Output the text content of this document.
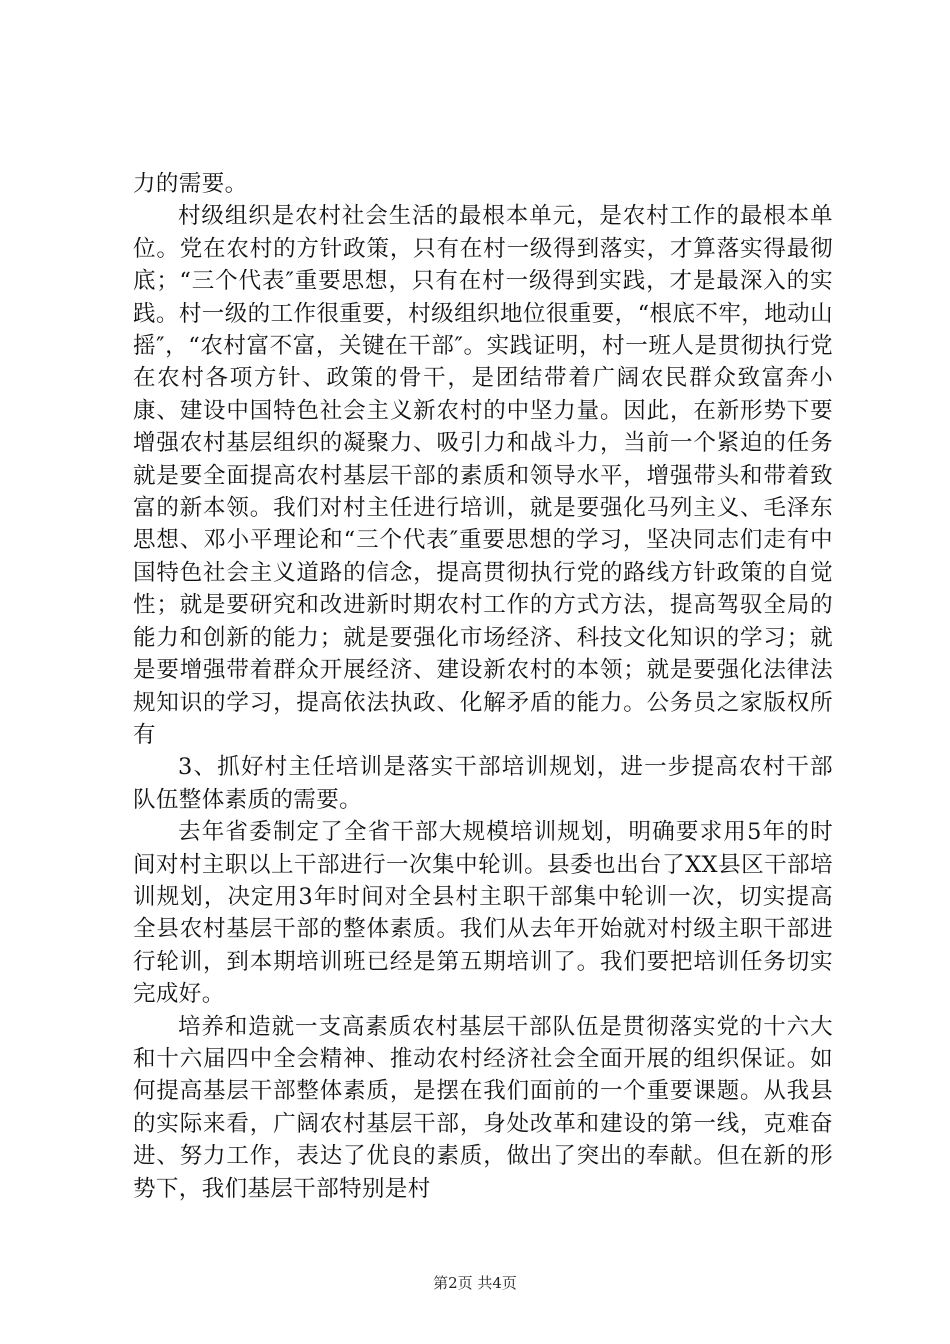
力的需要。

村级组织是农村社会生活的最根本单元，是农村工作的最根本单位。党在农村的方针政策，只有在村一级得到落实，才算落实得最彻底；“三个代表″重要思想，只有在村一级得到实践，才是最深入的实践。村一级的工作很重要，村级组织地位很重要，“根底不牢，地动山摇″，“农村富不富，关键在干部″。实践证明，村一班人是贯彻执行党在农村各项方针、政策的骨干，是团结带着广阔农民群众致富奔小康、建设中国特色社会主义新农村的中坚力量。因此，在新形势下要增强农村基层组织的凝聚力、吸引力和战斗力，当前一个紧迫的任务就是要全面提高农村基层干部的素质和领导水平，增强带头和带着致富的新本领。我们对村主任进行培训，就是要强化马列主义、毛泽东思想、邓小平理论和“三个代表″重要思想的学习，坚决同志们走有中国特色社会主义道路的信念，提高贯彻执行党的路线方针政策的自觉性；就是要研究和改进新时期农村工作的方式方法，提高驾驭全局的能力和创新的能力；就是要强化市场经济、科技文化知识的学习；就是要增强带着群众开展经济、建设新农村的本领；就是要强化法律法规知识的学习，提高依法执政、化解矛盾的能力。公务员之家版权所有

3、抓好村主任培训是落实干部培训规划，进一步提高农村干部队伍整体素质的需要。

去年省委制定了全省干部大规模培训规划，明确要求用5年的时间对村主职以上干部进行一次集中轮训。县委也出台了XX县区干部培训规划，决定用3年时间对全县村主职干部集中轮训一次，切实提高全县农村基层干部的整体素质。我们从去年开始就对村级主职干部进行轮训，到本期培训班已经是第五期培训了。我们要把培训任务切实完成好。

培养和造就一支高素质农村基层干部队伍是贯彻落实党的十六大和十六届四中全会精神、推动农村经济社会全面开展的组织保证。如何提高基层干部整体素质，是摆在我们面前的一个重要课题。从我县的实际来看，广阔农村基层干部，身处改革和建设的第一线，克难奋进、努力工作，表达了优良的素质，做出了突出的奉献。但在新的形势下，我们基层干部特别是村

第2页 共4页
